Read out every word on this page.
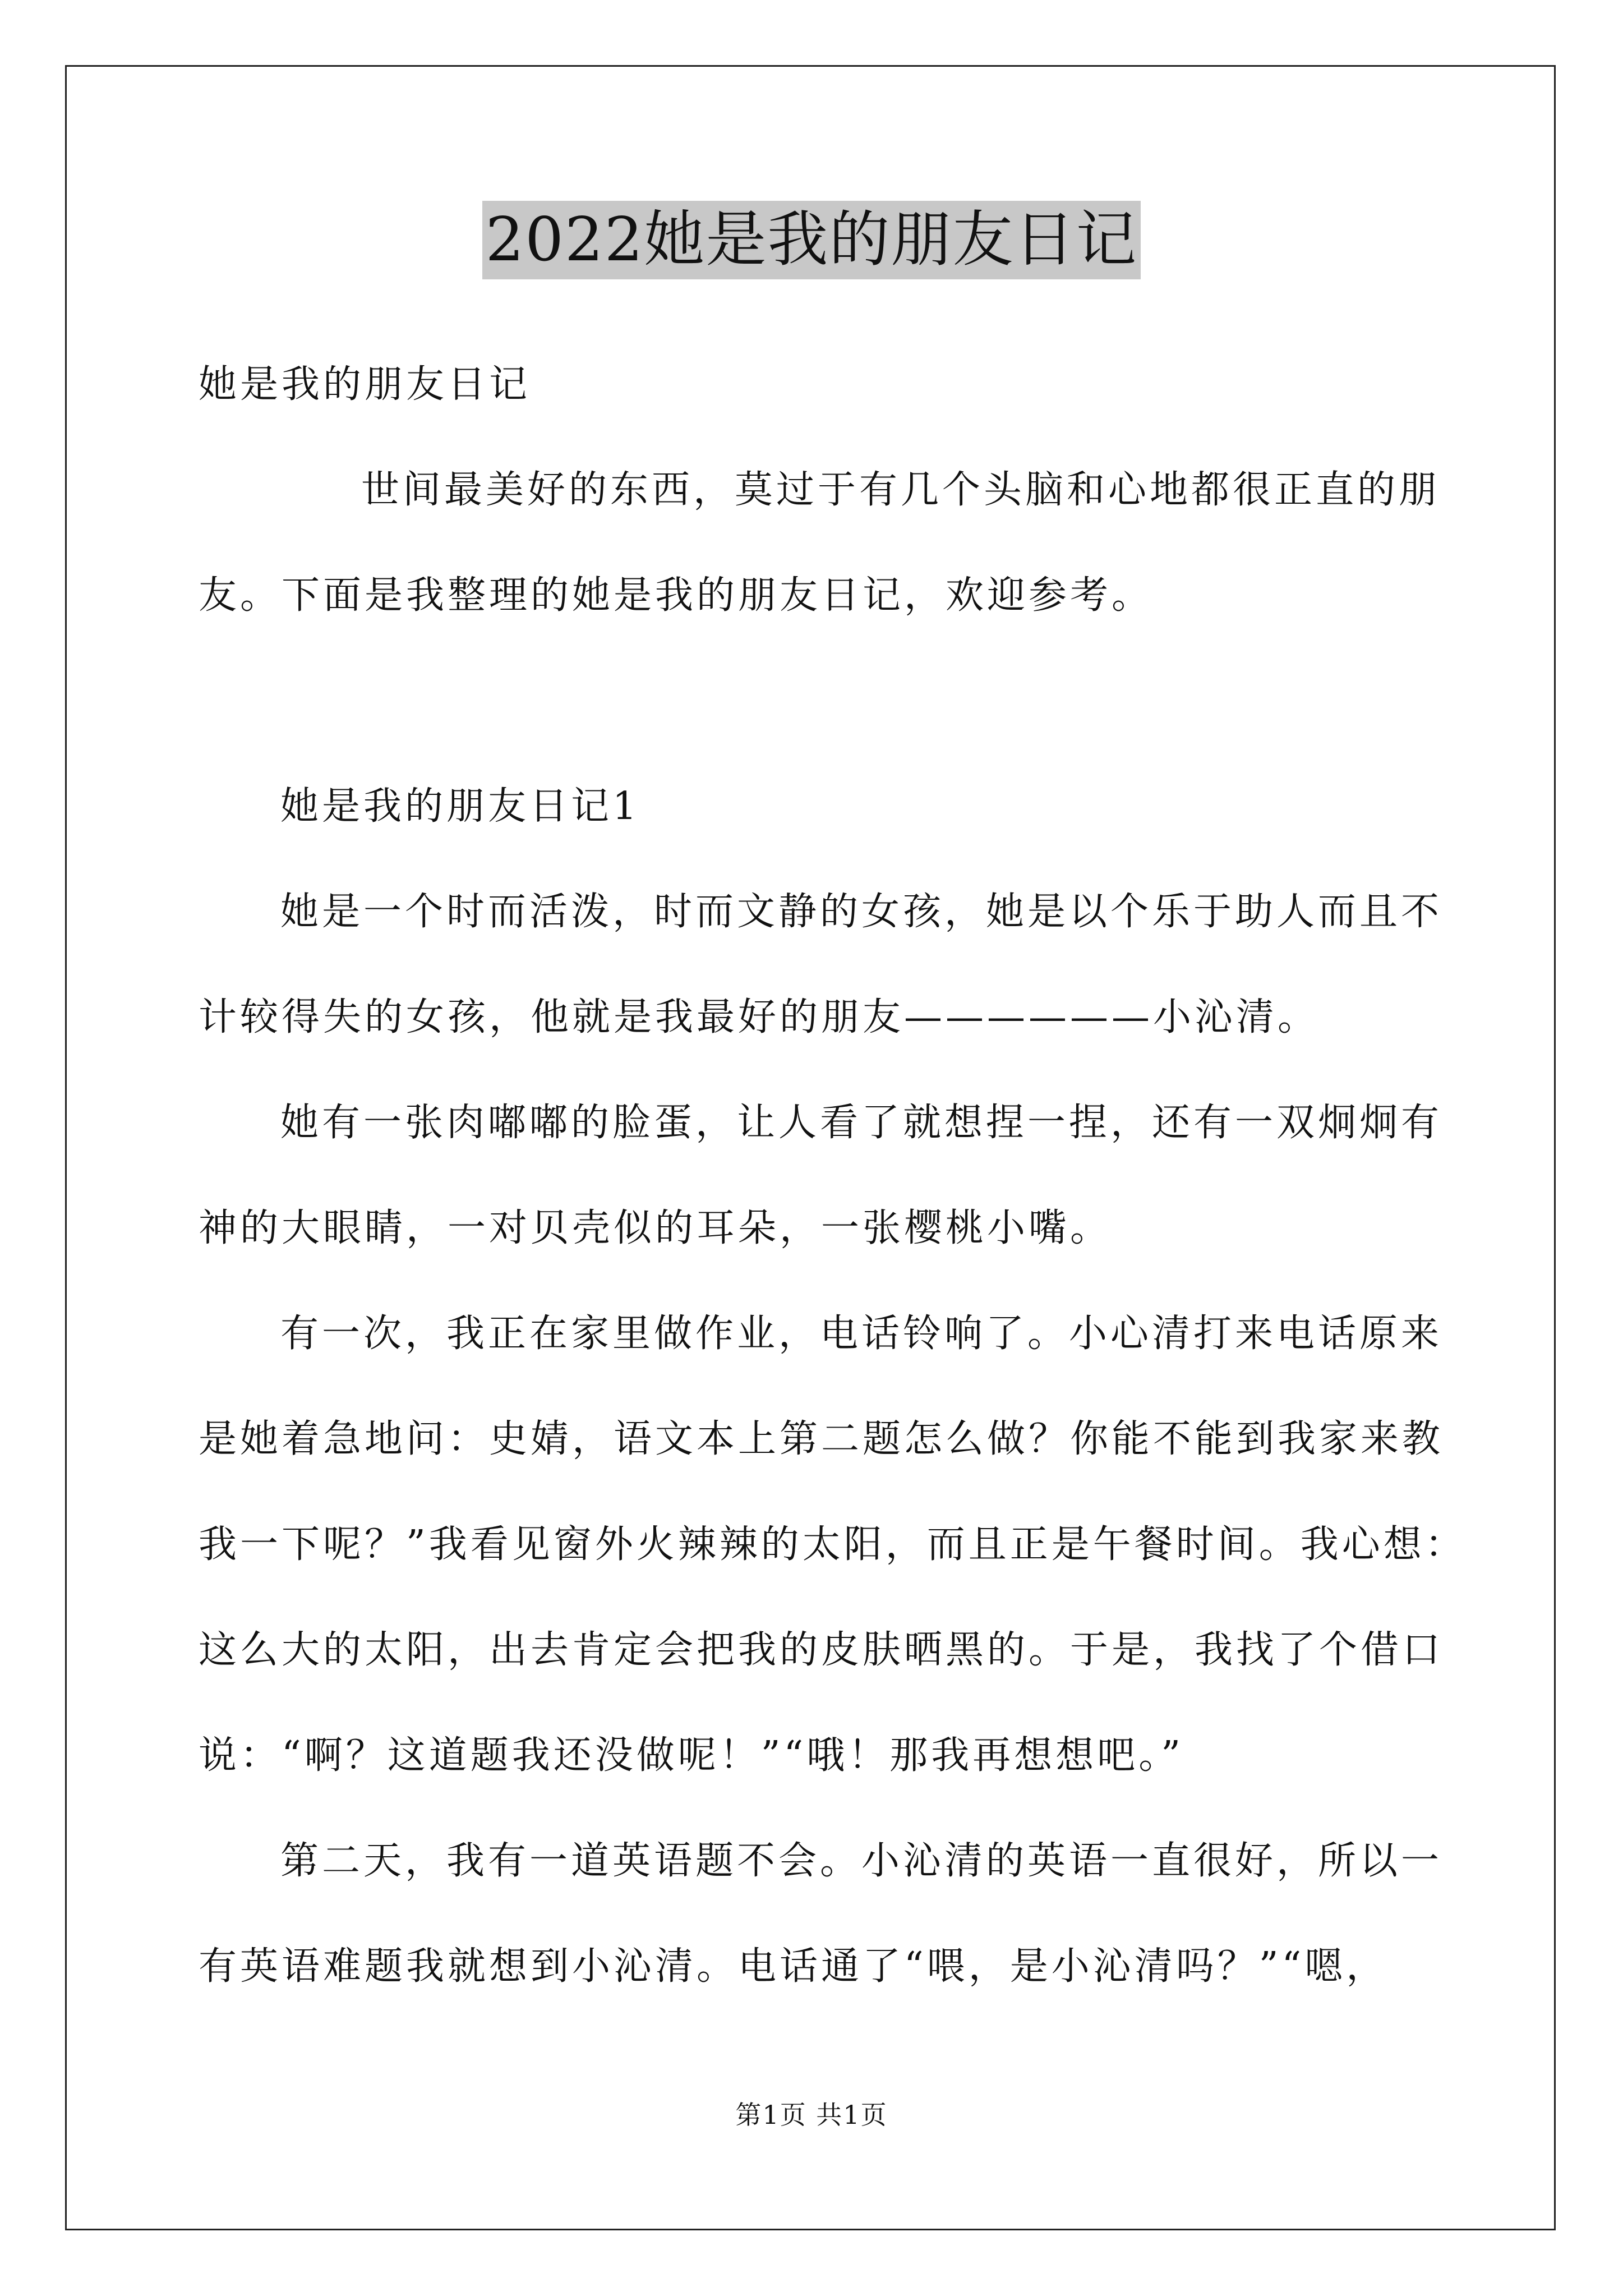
2022她是我的朋友日记

她是我的朋友日记

世间最美好的东西，莫过于有几个头脑和心地都很正直的朋

友。下面是我整理的她是我的朋友日记，欢迎参考。

她是我的朋友日记1

她是一个时而活泼，时而文静的女孩，她是以个乐于助人而且不

计较得失的女孩，他就是我最好的朋友——————小沁清。

她有一张肉嘟嘟的脸蛋，让人看了就想捏一捏，还有一双炯炯有

神的大眼睛，一对贝壳似的耳朵，一张樱桃小嘴。

有一次，我正在家里做作业，电话铃响了。小心清打来电话原来

是她着急地问：史婧，语文本上第二题怎么做？你能不能到我家来教

我一下呢？”我看见窗外火辣辣的太阳，而且正是午餐时间。我心想：

这么大的太阳，出去肯定会把我的皮肤晒黑的。于是，我找了个借口

说：“啊？这道题我还没做呢！”“哦！那我再想想吧。”

第二天，我有一道英语题不会。小沁清的英语一直很好，所以一

有英语难题我就想到小沁清。电话通了“喂，是小沁清吗？”“嗯，

第1页 共1页
